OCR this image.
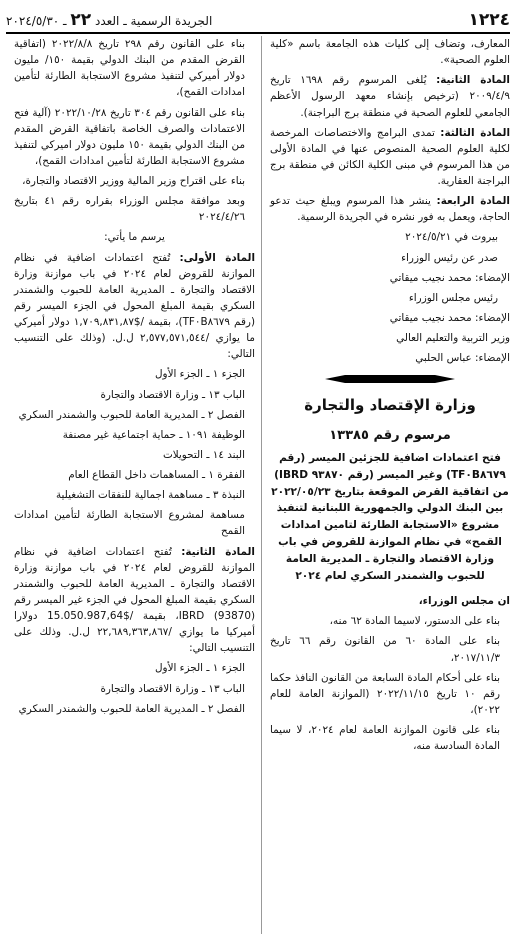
١٢٢٤
الجريدة الرسمية ـ العدد ٢٢ ـ ٢٠٢٤/٥/٣٠

المعارف، وتضاف إلى كليات هذه الجامعة باسم «كلية العلوم الصحية».

المادة الثانية: يُلغى المرسوم رقم ١٦٩٨ تاريخ ٢٠٠٩/٤/٩ (ترخيص بإنشاء معهد الرسول الأعظم الجامعي للعلوم الصحية في منطقة برج البراجنة).

المادة الثالثة: تمدى البرامج والاختصاصات المرخصة لكلية العلوم الصحية المنصوص عنها في المادة الأولى من هذا المرسوم في مبنى الكلية الكائن في منطقة برج البراجنة العقارية.

المادة الرابعة: ينشر هذا المرسوم ويبلغ حيث تدعو الحاجة، ويعمل به فور نشره في الجريدة الرسمية.

بيروت في ٢٠٢٤/٥/٢١

صدر عن رئيس الوزراء

الإمضاء: محمد نجيب ميقاتي

رئيس مجلس الوزراء

الإمضاء: محمد نجيب ميقاتي

وزير التربية والتعليم العالي

الإمضاء: عباس الحلبي

وزارة الإقتصاد والتجارة
مرسوم رقم ١٣٣٨٥
فتح اعتمادات اضافية للجزئين الميسر (رقم TF٠B٨٦٧٩) وغير الميسر (رقم ٩٣٨٧٠ IBRD) من اتفاقية القرض الموقعة بتاريخ ٢٠٢٢/٠٥/٢٣
بين البنك الدولي والجمهورية اللبنانية لتنفيذ مشروع «الاستجابة الطارئة لتامين امدادات القمح» في نظام الموازنة للقروض في باب وزارة الاقتصاد والتجارة ـ المديرية العامة للحبوب والشمندر السكري لعام ٢٠٢٤

ان مجلس الوزراء،

بناء على الدستور، لاسيما المادة ٦٢ منه،

بناء على المادة ٦٠ من القانون رقم ٦٦ تاريخ ٢٠١٧/١١/٣،

بناء على أحكام المادة السابعة من القانون النافذ حكما رقم ١٠ تاريخ ٢٠٢٢/١١/١٥ (الموازنة العامة للعام ٢٠٢٢)،

بناء على قانون الموازنة العامة لعام ٢٠٢٤، لا سيما المادة السادسة منه،

بناء على القانون رقم ٢٩٨ تاريخ ٢٠٢٢/٨/٨ (اتفاقية القرض المقدم من البنك الدولي بقيمة ١٥٠/ مليون دولار أميركي لتنفيذ مشروع الاستجابة الطارئة لتأمين امدادات القمح)،

بناء على القانون رقم ٣٠٤ تاريخ ٢٠٢٢/١٠/٢٨ (آلية فتح الاعتمادات والصرف الخاصة باتفاقية القرض المقدم من البنك الدولي بقيمة ١٥٠ مليون دولار اميركي لتنفيذ مشروع الاستجابة الطارئة لتأمين امدادات القمح)،

بناء على اقتراح وزير المالية ووزير الاقتصاد والتجارة،

وبعد موافقة مجلس الوزراء بقراره رقم ٤١ بتاريخ ٢٠٢٤/٤/٢٦

يرسم ما يأتي:

المادة الأولى: تُفتح اعتمادات اضافية في نظام الموازنة للقروض لعام ٢٠٢٤ في باب موازنة وزارة الاقتصاد والتجارة ـ المديرية العامة للحبوب والشمندر السكري بقيمة المبلغ المحول في الجزء الميسر رقم (رقم TF٠B٨٦٧٩)، بقيمة /$١,٧٠٩,٨٣١,٨٧ دولار أميركي ما يوازي /٢,٥٧٧,٥٧١,٥٤٤ ل.ل. (وذلك على التنسيب التالي:

الجزء ١ ـ الجزء الأول

الباب ١٣ ـ وزارة الاقتصاد والتجارة

الفصل ٢ ـ المديرية العامة للحبوب والشمندر السكري

الوظيفة ١٠٩١ ـ حماية اجتماعية غير مصنفة

البند ١٤ ـ التحويلات

الفقرة ١ ـ المساهمات داخل القطاع العام

النبذة ٣ ـ مساهمة اجمالية للنفقات التشغيلية

مساهمة لمشروع الاستجابة الطارئة لتأمين امدادات القمح

المادة الثانية: تُفتح اعتمادات اضافية في نظام الموازنة للقروض لعام ٢٠٢٤ في باب موازنة وزارة الاقتصاد والتجارة ـ المديرية العامة للحبوب والشمندر السكري بقيمة المبلغ المحول في الجزء غير الميسر رقم (IBRD (93870، بقيمة /$15.050.987,64 دولارا أميركيا ما يوازي /٢٢,٦٨٩,٣٦٣,٨٦٧ ل.ل. وذلك على التنسيب التالي:

الجزء ١ ـ الجزء الأول

الباب ١٣ ـ وزارة الاقتصاد والتجارة

الفصل ٢ ـ المديرية العامة للحبوب والشمندر السكري
